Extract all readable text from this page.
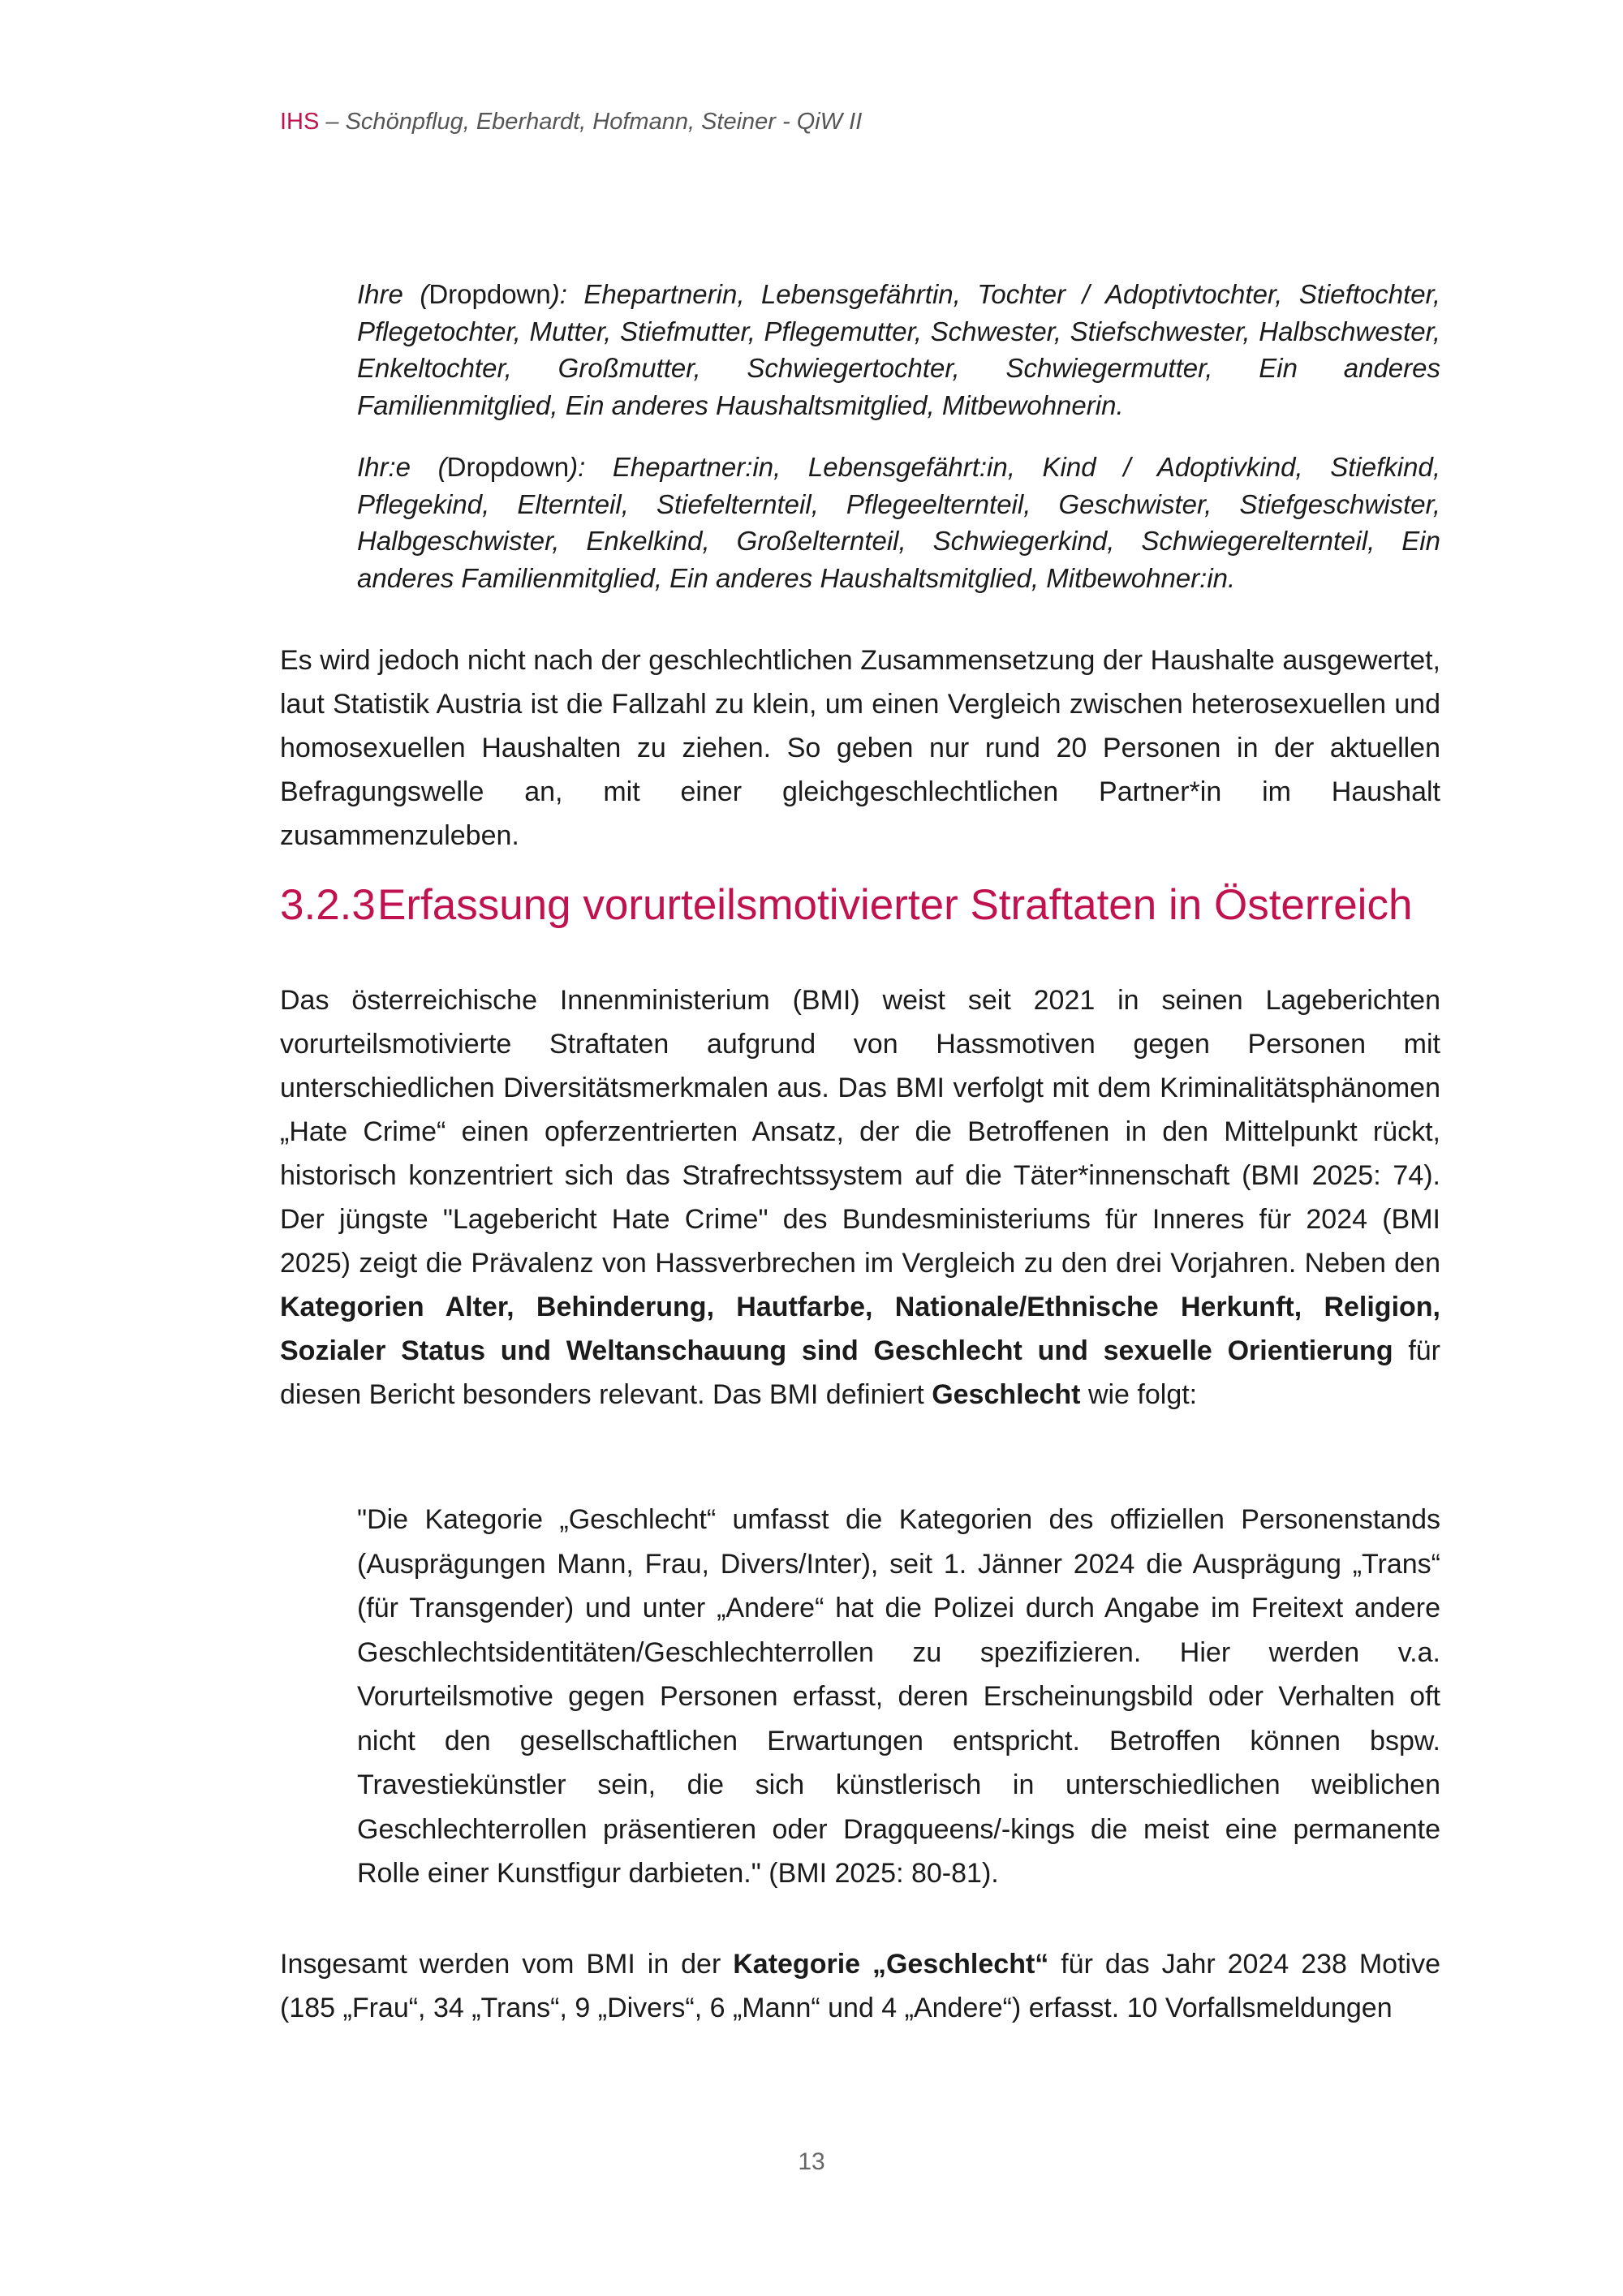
IHS – Schönpflug, Eberhardt, Hofmann, Steiner - QiW II

Ihre (Dropdown): Ehepartnerin, Lebensgefährtin, Tochter / Adoptivtochter, Stieftochter, Pflegetochter, Mutter, Stiefmutter, Pflegemutter, Schwester, Stiefschwester, Halbschwester, Enkeltochter, Großmutter, Schwiegertochter, Schwiegermutter, Ein anderes Familienmitglied, Ein anderes Haushaltsmitglied, Mitbewohnerin.

Ihr:e (Dropdown): Ehepartner:in, Lebensgefährt:in, Kind / Adoptivkind, Stiefkind, Pflegekind, Elternteil, Stiefelternteil, Pflegeelternteil, Geschwister, Stiefgeschwister, Halbgeschwister, Enkelkind, Großelternteil, Schwiegerkind, Schwiegerelternteil, Ein anderes Familienmitglied, Ein anderes Haushaltsmitglied, Mitbewohner:in.

Es wird jedoch nicht nach der geschlechtlichen Zusammensetzung der Haushalte ausgewertet, laut Statistik Austria ist die Fallzahl zu klein, um einen Vergleich zwischen heterosexuellen und homosexuellen Haushalten zu ziehen. So geben nur rund 20 Personen in der aktuellen Befragungswelle an, mit einer gleichgeschlechtlichen Partner*in im Haushalt zusammenzuleben.

3.2.3Erfassung vorurteilsmotivierter Straftaten in Österreich

Das österreichische Innenministerium (BMI) weist seit 2021 in seinen Lageberichten vorurteilsmotivierte Straftaten aufgrund von Hassmotiven gegen Personen mit unterschiedlichen Diversitätsmerkmalen aus. Das BMI verfolgt mit dem Kriminalitätsphänomen „Hate Crime“ einen opferzentrierten Ansatz, der die Betroffenen in den Mittelpunkt rückt, historisch konzentriert sich das Strafrechtssystem auf die Täter*innenschaft (BMI 2025: 74). Der jüngste "Lagebericht Hate Crime" des Bundesministeriums für Inneres für 2024 (BMI 2025) zeigt die Prävalenz von Hassverbrechen im Vergleich zu den drei Vorjahren. Neben den Kategorien Alter, Behinderung, Hautfarbe, Nationale/Ethnische Herkunft, Religion, Sozialer Status und Weltanschauung sind Geschlecht und sexuelle Orientierung für diesen Bericht besonders relevant. Das BMI definiert Geschlecht wie folgt:

"Die Kategorie „Geschlecht“ umfasst die Kategorien des offiziellen Personenstands (Ausprägungen Mann, Frau, Divers/Inter), seit 1. Jänner 2024 die Ausprägung „Trans“ (für Transgender) und unter „Andere“ hat die Polizei durch Angabe im Freitext andere Geschlechtsidentitäten/Geschlechterrollen zu spezifizieren. Hier werden v.a. Vorurteilsmotive gegen Personen erfasst, deren Erscheinungsbild oder Verhalten oft nicht den gesellschaftlichen Erwartungen entspricht. Betroffen können bspw. Travestiekünstler sein, die sich künstlerisch in unterschiedlichen weiblichen Geschlechterrollen präsentieren oder Dragqueens/-kings die meist eine permanente Rolle einer Kunstfigur darbieten." (BMI 2025: 80-81).

Insgesamt werden vom BMI in der Kategorie „Geschlecht“ für das Jahr 2024 238 Motive (185 „Frau“, 34 „Trans“, 9 „Divers“, 6 „Mann“ und 4 „Andere“) erfasst. 10 Vorfallsmeldungen

13
